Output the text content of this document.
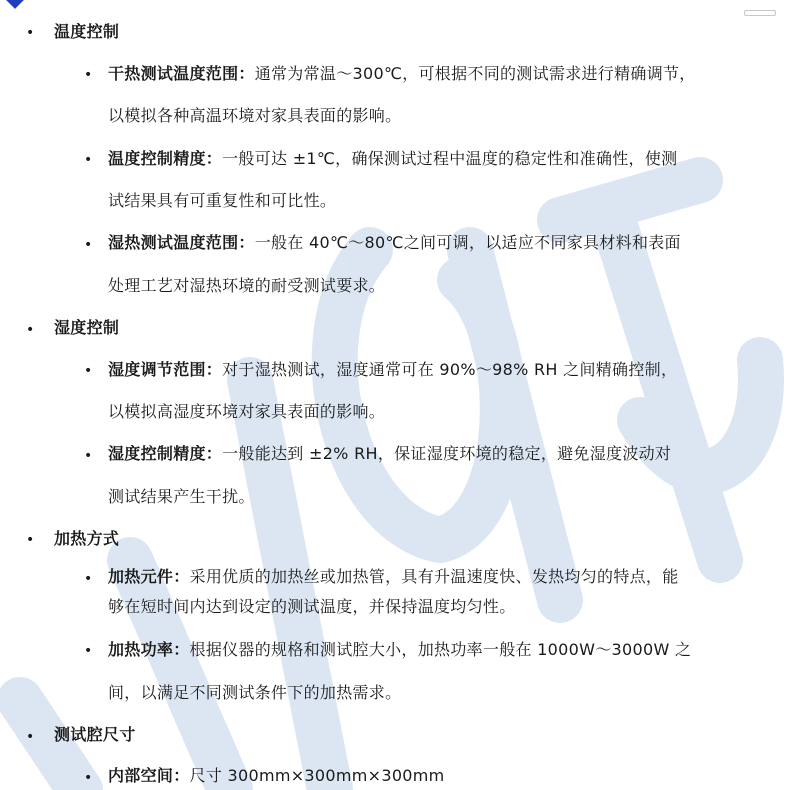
• 温度控制
• 干热测试温度范围：通常为常温～300℃，可根据不同的测试需求进行精确调节，
以模拟各种高温环境对家具表面的影响。
• 温度控制精度：一般可达 ±1℃，确保测试过程中温度的稳定性和准确性，使测
试结果具有可重复性和可比性。
• 湿热测试温度范围：一般在 40℃～80℃之间可调，以适应不同家具材料和表面
处理工艺对湿热环境的耐受测试要求。
• 湿度控制
• 湿度调节范围：对于湿热测试，湿度通常可在 90%～98% RH 之间精确控制，
以模拟高湿度环境对家具表面的影响。
• 湿度控制精度：一般能达到 ±2% RH，保证湿度环境的稳定，避免湿度波动对
测试结果产生干扰。
• 加热方式
• 加热元件：采用优质的加热丝或加热管，具有升温速度快、发热均匀的特点，能
够在短时间内达到设定的测试温度，并保持温度均匀性。
• 加热功率：根据仪器的规格和测试腔大小，加热功率一般在 1000W～3000W 之
间，以满足不同测试条件下的加热需求。
• 测试腔尺寸
• 内部空间：尺寸 300mm×300mm×300mm
